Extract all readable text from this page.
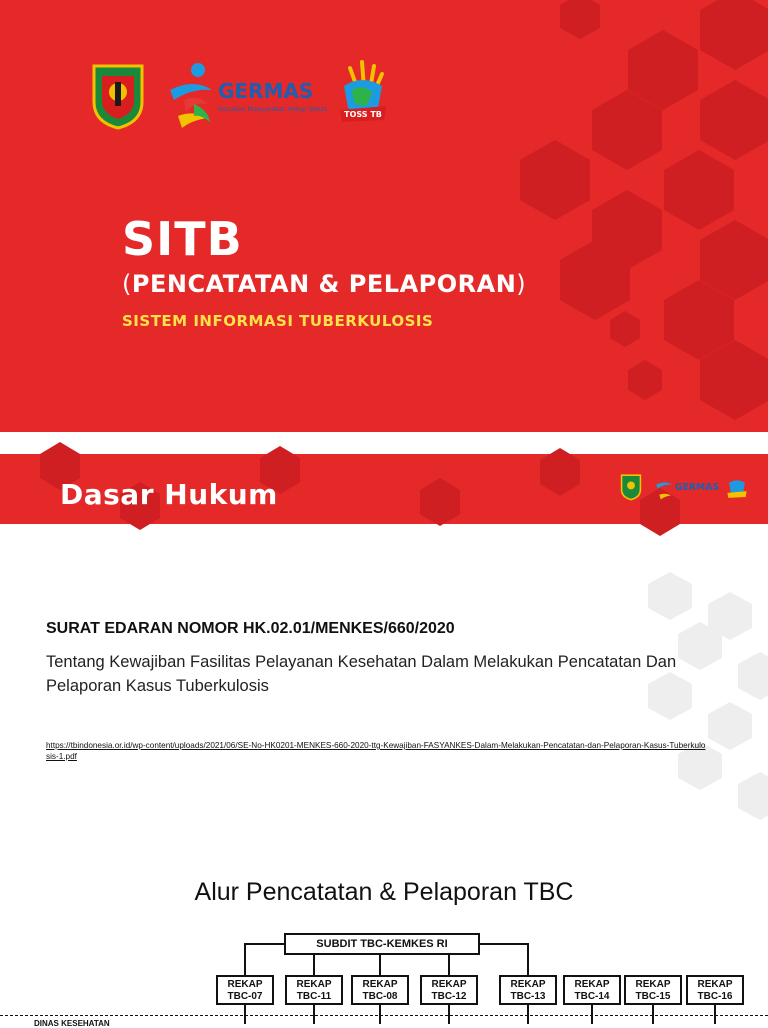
GERMAS
Gerakan Masyarakat Hidup Sehat
TOSS TB
SITB
(PENCATATAN & PELAPORAN)
SISTEM INFORMASI TUBERKULOSIS
Dasar Hukum	GERMAS
SURAT EDARAN NOMOR HK.02.01/MENKES/660/2020
Tentang Kewajiban Fasilitas Pelayanan Kesehatan Dalam Melakukan Pencatatan Dan Pelaporan Kasus Tuberkulosis
https://tbindonesia.or.id/wp-content/uploads/2021/06/SE-No-HK0201-MENKES-660-2020-ttg-Kewajiban-FASYANKES-Dalam-Melakukan-Pencatatan-dan-Pelaporan-Kasus-Tuberkulosis-1.pdf
Alur Pencatatan & Pelaporan TBC
SUBDIT TBC-KEMKES RI
REKAP
TBC-07
REKAP
TBC-11
REKAP
TBC-08
REKAP
TBC-12
REKAP
TBC-13
REKAP
TBC-14
REKAP
TBC-15
REKAP
TBC-16
DINAS KESEHATAN
